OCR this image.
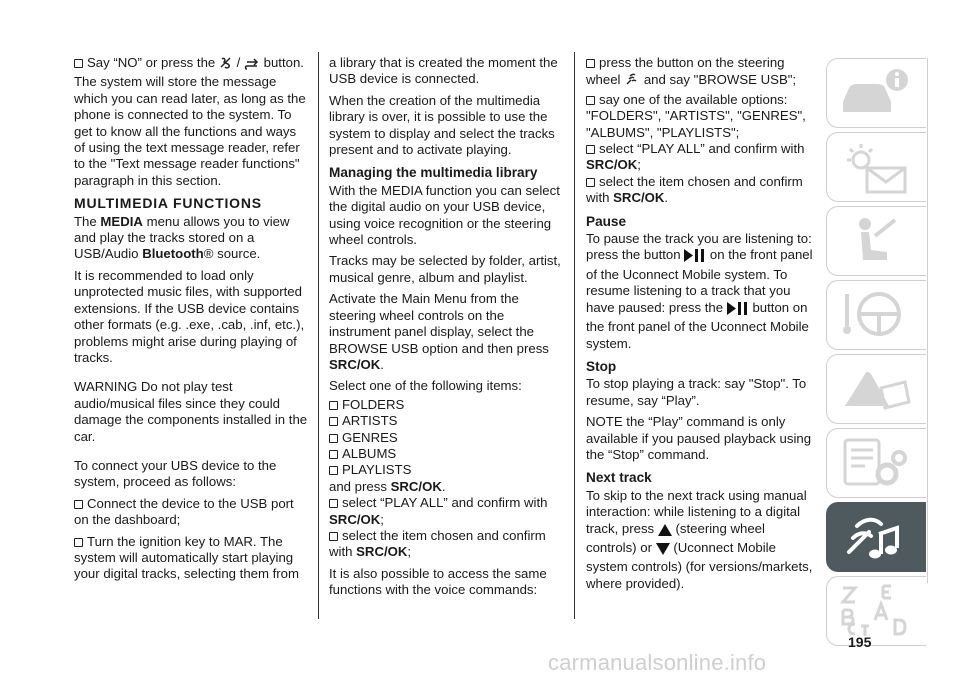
Say “NO” or press the / button. The system will store the message which you can read later, as long as the phone is connected to the system. To get to know all the functions and ways of using the text message reader, refer to the "Text message reader functions" paragraph in this section.

MULTIMEDIA FUNCTIONS

The MEDIA menu allows you to view and play the tracks stored on a USB/Audio Bluetooth® source.

It is recommended to load only unprotected music files, with supported extensions. If the USB device contains other formats (e.g. .exe, .cab, .inf, etc.), problems might arise during playing of tracks.

WARNING Do not play test audio/musical files since they could damage the components installed in the car.

To connect your UBS device to the system, proceed as follows:

Connect the device to the USB port on the dashboard;

Turn the ignition key to MAR. The system will automatically start playing your digital tracks, selecting them from

a library that is created the moment the USB device is connected.

When the creation of the multimedia library is over, it is possible to use the system to display and select the tracks present and to activate playing.

Managing the multimedia library

With the MEDIA function you can select the digital audio on your USB device, using voice recognition or the steering wheel controls.

Tracks may be selected by folder, artist, musical genre, album and playlist.

Activate the Main Menu from the steering wheel controls on the instrument panel display, select the BROWSE USB option and then press SRC/OK.

Select one of the following items:

FOLDERS
ARTISTS
GENRES
ALBUMS
PLAYLISTS
and press SRC/OK.
select “PLAY ALL” and confirm with SRC/OK;

select the item chosen and confirm with SRC/OK;

It is also possible to access the same functions with the voice commands:

press the button on the steering wheel and say "BROWSE USB";
say one of the available options: "FOLDERS", "ARTISTS", "GENRES", "ALBUMS", "PLAYLISTS";
select “PLAY ALL” and confirm with SRC/OK;

select the item chosen and confirm with SRC/OK.

Pause

To pause the track you are listening to: press the button on the front panel of the Uconnect Mobile system. To resume listening to a track that you have paused: press the button on the front panel of the Uconnect Mobile system.

Stop

To stop playing a track: say "Stop". To resume, say “Play”.

NOTE the “Play” command is only available if you paused playback using the “Stop” command.

Next track

To skip to the next track using manual interaction: while listening to a digital track, press (steering wheel controls) or (Uconnect Mobile system controls) (for versions/markets, where provided).

195
carmanualsonline.info
